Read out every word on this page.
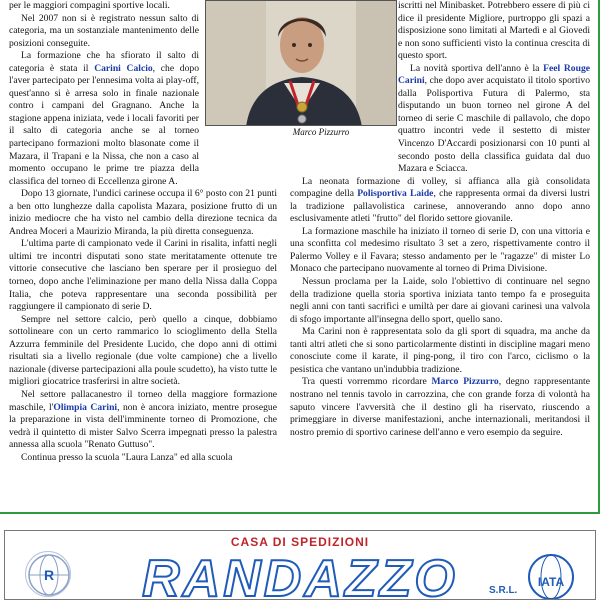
per le maggiori compagini sportive locali.

Nel 2007 non si è registrato nessun salto di categoria, ma un sostanziale mantenimento delle posizioni conseguite.

La formazione che ha sfiorato il salto di categoria è stata il Carini Calcio, che dopo l'aver partecipato per l'ennesima volta ai play-off, quest'anno si è arresa solo in finale nazionale contro i campani del Gragnano. Anche la stagione appena iniziata, vede i locali favoriti per il salto di categoria anche se al torneo partecipano formazioni molto blasonate come il Mazara, il Trapani e la Nissa, che non a caso al momento occupano le prime tre piazza della classifica del torneo di Eccellenza girone A.

Dopo 13 giornate, l'undici carinese occupa il 6° posto con 21 punti a ben otto lunghezze dalla capolista Mazara, posizione frutto di un inizio mediocre che ha visto nel cambio della direzione tecnica da Andrea Moceri a Maurizio Miranda, la più diretta conseguenza.

L'ultima parte di campionato vede il Carini in risalita, infatti negli ultimi tre incontri disputati sono state meritatamente ottenute tre vittorie consecutive che lasciano ben sperare per il prosieguo del torneo, dopo anche l'eliminazione per mano della Nissa dalla Coppa Italia, che poteva rappresentare una seconda possibilità per raggiungere il campionato di serie D.

Sempre nel settore calcio, però quello a cinque, dobbiamo sottolineare con un certo rammarico lo scioglimento della Stella Azzurra femminile del Presidente Lucido, che dopo anni di ottimi risultati sia a livello regionale (due volte campione) che a livello nazionale (diverse partecipazioni alla poule scudetto), ha visto tutte le migliori giocatrice trasferirsi in altre società.

Nel settore pallacanestro il torneo della maggiore formazione maschile, l'Olimpia Carini, non è ancora iniziato, mentre prosegue la preparazione in vista dell'imminente torneo di Promozione, che vedrà il quintetto di mister Salvo Scerra impegnati presso la palestra annessa alla scuola "Renato Guttuso".

Continua presso la scuola "Laura Lanza" ed alla scuola

iscritti nel Minibasket. Potrebbero essere di più ci dice il presidente Migliore, purtroppo gli spazi a disposizione sono limitati al Martedì e al Giovedì e non sono sufficienti visto la continua crescita di questo sport.

La novità sportiva dell'anno è la Feel Rouge Carini, che dopo aver acquistato il titolo sportivo dalla Polisportiva Futura di Palermo, sta disputando un buon torneo nel girone A del torneo di serie C maschile di pallavolo, che dopo quattro incontri vede il sestetto di mister Vincenzo D'Accardi posizionarsi con 10 punti al secondo posto della classifica guidata dal duo Mazara e Sciacca.

La neonata formazione di volley, si affianca alla già consolidata compagine della Polisportiva Laide, che rappresenta ormai da diversi lustri la tradizione pallavolistica carinese, annoverando anno dopo anno esclusivamente atleti "frutto" del florido settore giovanile.

La formazione maschile ha iniziato il torneo di serie D, con una vittoria e una sconfitta col medesimo risultato 3 set a zero, rispettivamente contro il Palermo Volley e il Favara; stesso andamento per le "ragazze" di mister Lo Monaco che partecipano nuovamente al torneo di Prima Divisione.

Nessun proclama per la Laide, solo l'obiettivo di continuare nel segno della tradizione quella storia sportiva iniziata tanto tempo fa e proseguita negli anni con tanti sacrifici e umiltà per dare ai giovani carinesi una valvola di sfogo importante all'insegna dello sport, quello sano.

Ma Carini non è rappresentata solo da gli sport di squadra, ma anche da tanti altri atleti che si sono particolarmente distinti in discipline magari meno conosciute come il karate, il ping-pong, il tiro con l'arco, ciclismo o la pesistica che vantano un'indubbia tradizione.

Tra questi vorremmo ricordare Marco Pizzurro, degno rappresentante nostrano nel tennis tavolo in carrozzina, che con grande forza di volontà ha saputo vincere l'avversità che il destino gli ha riservato, riuscendo a primeggiare in diverse manifestazioni, anche internazionali, meritandosi il nostro premio di sportivo carinese dell'anno e vero esempio da seguire.

Marco Pizzurro
R
CASA DI SPEDIZIONI
RANDAZZO	S.R.L.
IATA
